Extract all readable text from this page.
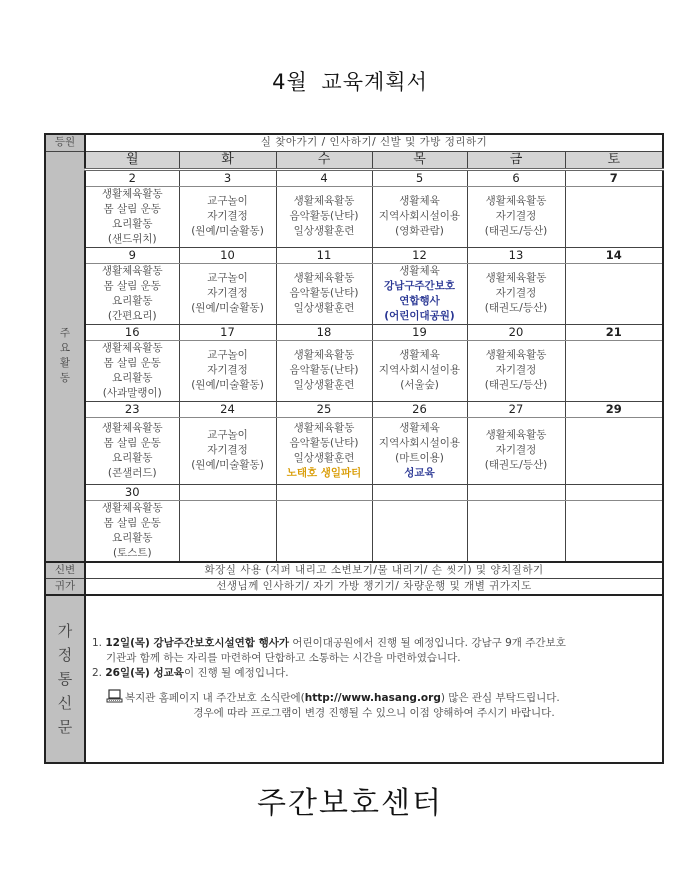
4월 교육계획서
등원	실 찾아가기 / 인사하기/ 신발 및 가방 정리하기					
주
요
활
동	월	화	수	목	금	토
	2	3	4	5	6	7
	생활체육활동
몸 살림 운동
요리활동
(샌드위치)	교구놀이
자기결정
(원예/미술활동)	생활체육활동
음악활동(난타)
일상생활훈련	생활체육
지역사회시설이용
(영화관람)	생활체육활동
자기결정
(태권도/등산)	
	9	10	11	12	13	14
	생활체육활동
몸 살림 운동
요리활동
(간편요리)	교구놀이
자기결정
(원예/미술활동)	생활체육활동
음악활동(난타)
일상생활훈련	생활체육
강남구주간보호
연합행사
(어린이대공원)	생활체육활동
자기결정
(태권도/등산)	
	16	17	18	19	20	21
	생활체육활동
몸 살림 운동
요리활동
(사과말랭이)	교구놀이
자기결정
(원예/미술활동)	생활체육활동
음악활동(난타)
일상생활훈련	생활체육
지역사회시설이용
(서울숲)	생활체육활동
자기결정
(태권도/등산)	
	23	24	25	26	27	29
	생활체육활동
몸 살림 운동
요리활동
(콘샐러드)	교구놀이
자기결정
(원예/미술활동)	생활체육활동
음악활동(난타)
일상생활훈련
노태호 생일파티	생활체육
지역사회시설이용
(마트이용)
성교육	생활체육활동
자기결정
(태권도/등산)	
	30					
	생활체육활동
몸 살림 운동
요리활동
(토스트)					
신변	화장실 사용 (지퍼 내리고 소변보기/물 내리기/ 손 씻기) 및 양치질하기					
귀가	선생님께 인사하기/ 자기 가방 챙기기/ 차량운행 및 개별 귀가지도					
가
정
통
신
문	
1. 12일(목) 강남주간보호시설연합 행사가 어린이대공원에서 진행 될 예정입니다. 강남구 9개 주간보호
기관과 함께 하는 자리를 마련하여 단합하고 소통하는 시간을 마련하였습니다.
2. 26일(목) 성교육이 진행 될 예정입니다.
복지관 홈페이지 내 주간보호 소식란에(http://www.hasang.org) 많은 관심 부탁드립니다.
경우에 따라 프로그램이 변경 진행될 수 있으니 이점 양해하여 주시기 바랍니다.
주간보호센터
